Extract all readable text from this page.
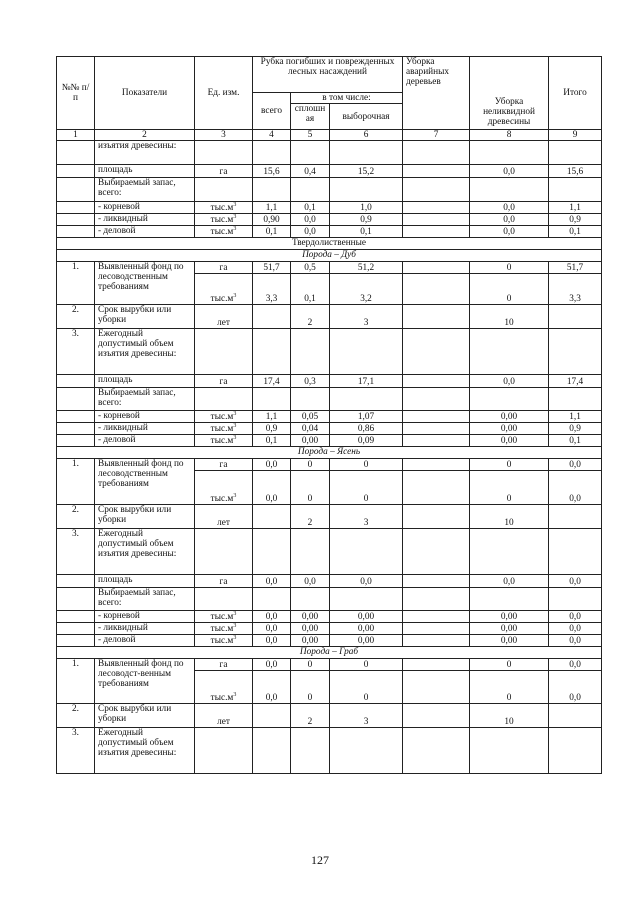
№№ п/п	Показатели	Ед. изм.	Рубка погибших и поврежденных лесных насаждений			Уборка аварийных деревьев	Уборка неликвидной древесины	Итого
			всего	в том числе:				
				сплошн ая	выборочная			
1	2	3	4	5	6	7	8	9
	изъятия древесины:							
	площадь	га	15,6	0,4	15,2		0,0	15,6
	Выбираемый запас, всего:							
	- корневой	$тыс.м^3$	1,1	0,1	1,0		0,0	1,1
	- ликвидный	$тыс.м^3$	0,90	0,0	0,9		0,0	0,9
	- деловой	$тыс.м^3$	0,1	0,0	0,1		0,0	0,1
Твердолиственные								
Порода – Дуб								
1.	Выявленный фонд по лесоводственным требованиям	га	51,7	0,5	51,2		0	51,7
		$тыс.м^3$	3,3	0,1	3,2		0	3,3
2.	Срок вырубки или уборки	лет		2	3		10	
3.	Ежегодный допустимый объем изъятия древесины:							
	площадь	га	17,4	0,3	17,1		0,0	17,4
	Выбираемый запас, всего:							
	- корневой	$тыс.м^3$	1,1	0,05	1,07		0,00	1,1
	- ликвидный	$тыс.м^3$	0,9	0,04	0,86		0,00	0,9
	- деловой	$тыс.м^3$	0,1	0,00	0,09		0,00	0,1
Порода – Ясень								
1.	Выявленный фонд по лесоводственным требованиям	га	0,0	0	0		0	0,0
		$тыс.м^3$	0,0	0	0		0	0,0
2.	Срок вырубки или уборки	лет		2	3		10	
3.	Ежегодный допустимый объем изъятия древесины:							
	площадь	га	0,0	0,0	0,0		0,0	0,0
	Выбираемый запас, всего:							
	- корневой	$тыс.м^3$	0,0	0,00	0,00		0,00	0,0
	- ликвидный	$тыс.м^3$	0,0	0,00	0,00		0,00	0,0
	- деловой	$тыс.м^3$	0,0	0,00	0,00		0,00	0,0
Порода – Граб								
1.	Выявленный фонд по лесоводст-венным требованиям	га	0,0	0	0		0	0,0
		$тыс.м^3$	0,0	0	0		0	0,0
2.	Срок вырубки или уборки	лет		2	3		10	
3.	Ежегодный допустимый объем изъятия древесины:							
127
